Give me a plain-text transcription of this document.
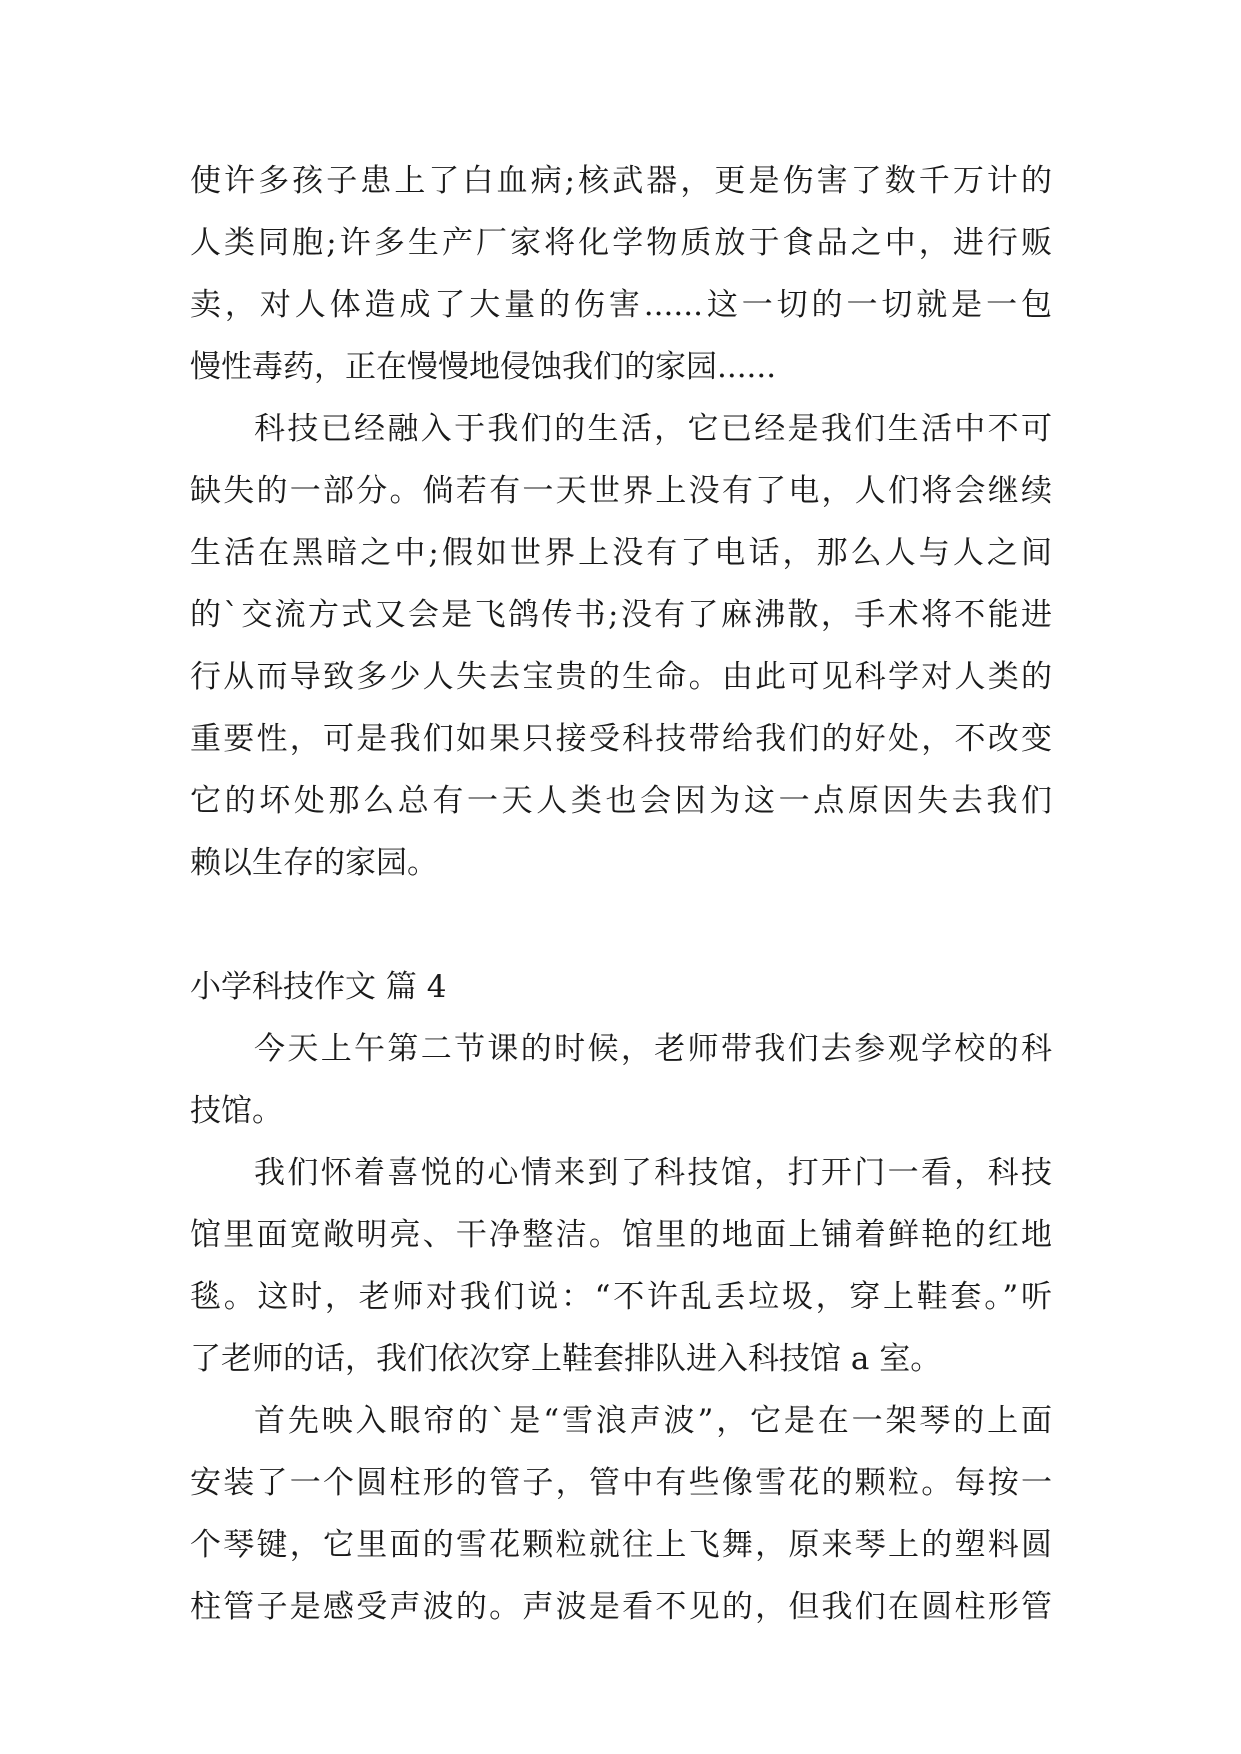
使许多孩子患上了白血病;核武器，更是伤害了数千万计的
人类同胞;许多生产厂家将化学物质放于食品之中，进行贩
卖，对人体造成了大量的伤害......这一切的一切就是一包
慢性毒药，正在慢慢地侵蚀我们的家园......
科技已经融入于我们的生活，它已经是我们生活中不可
缺失的一部分。倘若有一天世界上没有了电，人们将会继续
生活在黑暗之中;假如世界上没有了电话，那么人与人之间
的`交流方式又会是飞鸽传书;没有了麻沸散，手术将不能进
行从而导致多少人失去宝贵的生命。由此可见科学对人类的
重要性，可是我们如果只接受科技带给我们的好处，不改变
它的坏处那么总有一天人类也会因为这一点原因失去我们
赖以生存的家园。
小学科技作文 篇 4
今天上午第二节课的时候，老师带我们去参观学校的科
技馆。
我们怀着喜悦的心情来到了科技馆，打开门一看，科技
馆里面宽敞明亮、干净整洁。馆里的地面上铺着鲜艳的红地
毯。这时，老师对我们说：“不许乱丢垃圾，穿上鞋套。”听
了老师的话，我们依次穿上鞋套排队进入科技馆 a 室。
首先映入眼帘的`是“雪浪声波”，它是在一架琴的上面
安装了一个圆柱形的管子，管中有些像雪花的颗粒。每按一
个琴键，它里面的雪花颗粒就往上飞舞，原来琴上的塑料圆
柱管子是感受声波的。声波是看不见的，但我们在圆柱形管
